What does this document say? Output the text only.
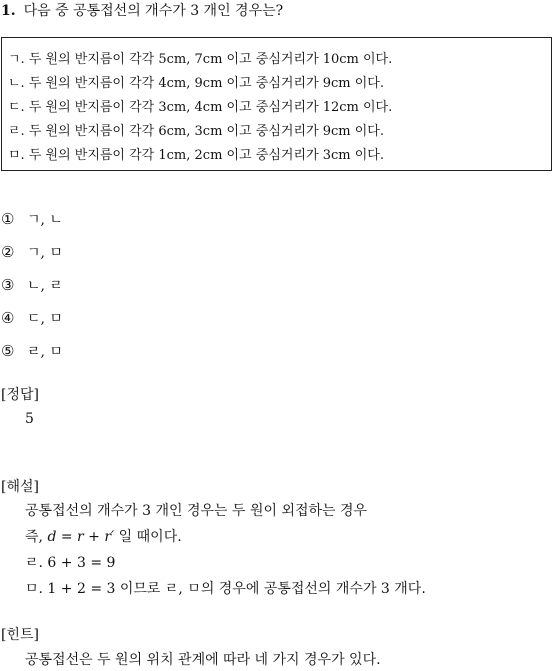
1. 다음 중 공통접선의 개수가 3 개인 경우는?
ㄱ. 두 원의 반지름이 각각 5cm, 7cm 이고 중심거리가 10cm 이다.
ㄴ. 두 원의 반지름이 각각 4cm, 9cm 이고 중심거리가 9cm 이다.
ㄷ. 두 원의 반지름이 각각 3cm, 4cm 이고 중심거리가 12cm 이다.
ㄹ. 두 원의 반지름이 각각 6cm, 3cm 이고 중심거리가 9cm 이다.
ㅁ. 두 원의 반지름이 각각 1cm, 2cm 이고 중심거리가 3cm 이다.
① ㄱ, ㄴ
② ㄱ, ㅁ
③ ㄴ, ㄹ
④ ㄷ, ㅁ
⑤ ㄹ, ㅁ
[정답]
5
[해설]
공통접선의 개수가 3 개인 경우는 두 원이 외접하는 경우
즉, d = r + r′ 일 때이다.
ㄹ. 6 + 3 = 9
ㅁ. 1 + 2 = 3 이므로 ㄹ, ㅁ의 경우에 공통접선의 개수가 3 개다.
[힌트]
공통접선은 두 원의 위치 관계에 따라 네 가지 경우가 있다.
